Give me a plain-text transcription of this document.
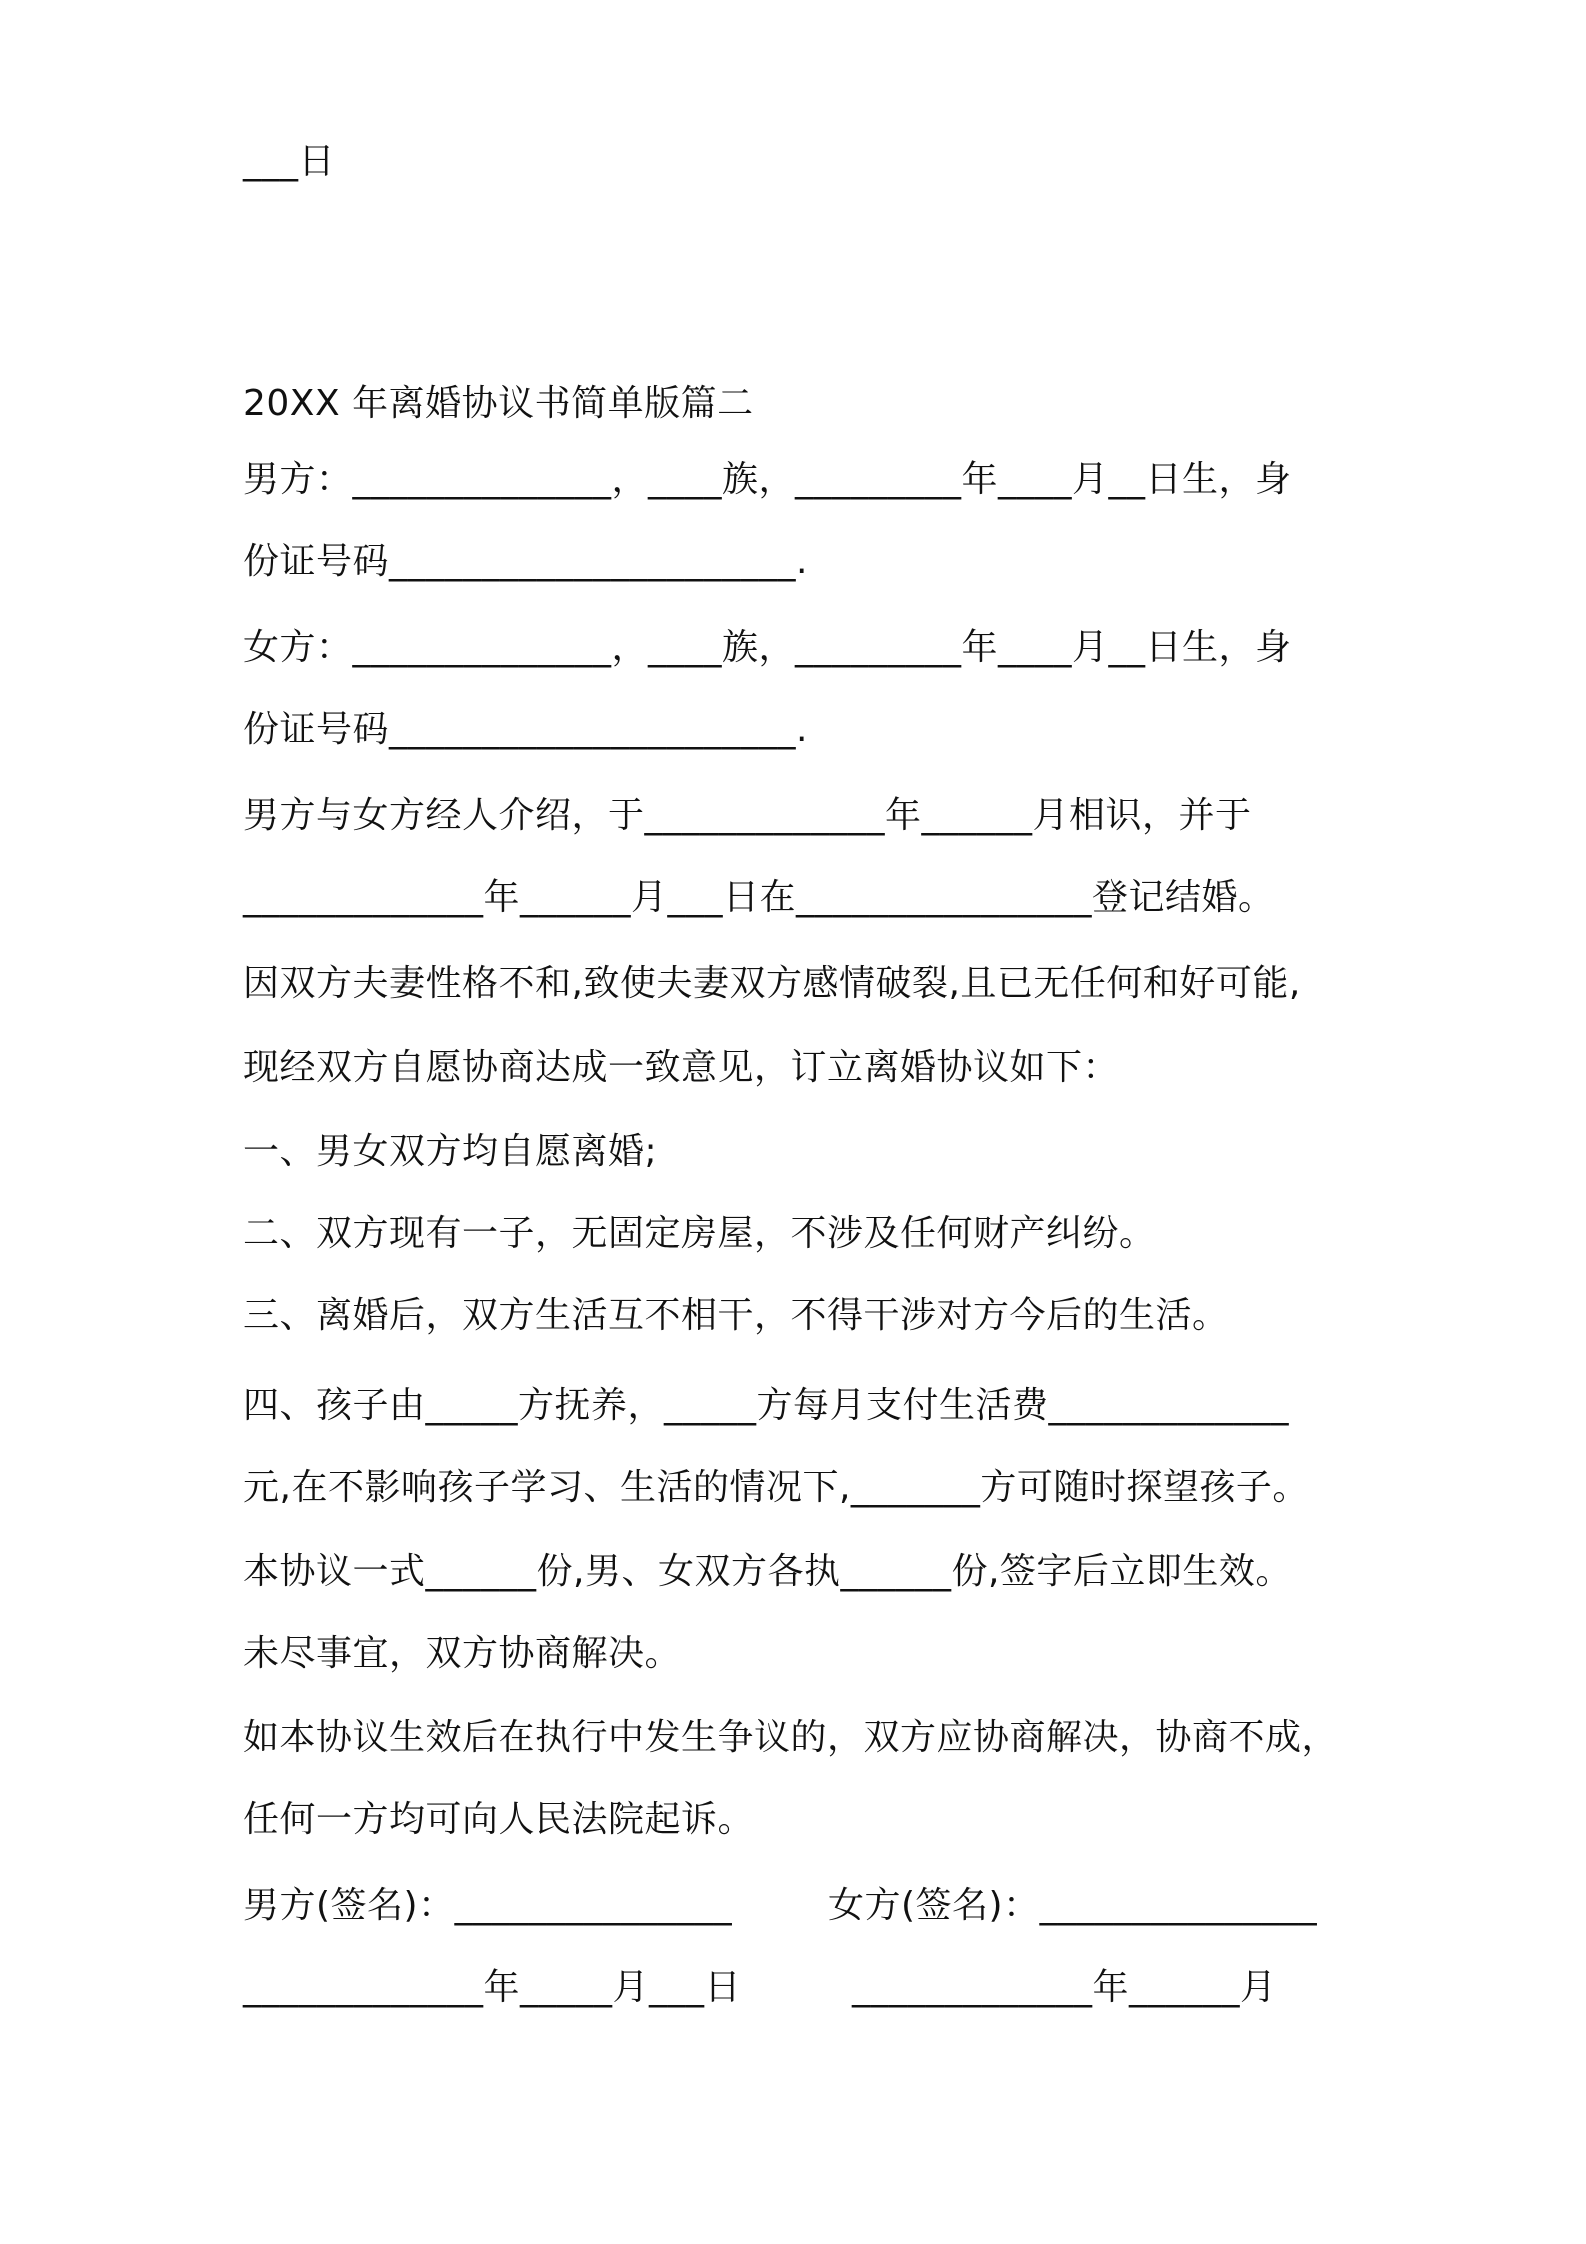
___日
20XX 年离婚协议书简单版篇二
男方：______________，____族，_________年____月__日生，身
份证号码______________________.
女方：______________，____族，_________年____月__日生，身
份证号码______________________.
男方与女方经人介绍，于_____________年______月相识，并于
_____________年______月___日在________________登记结婚。
因双方夫妻性格不和,致使夫妻双方感情破裂,且已无任何和好可能,
现经双方自愿协商达成一致意见，订立离婚协议如下：
一、男女双方均自愿离婚;
二、双方现有一子，无固定房屋，不涉及任何财产纠纷。
三、离婚后，双方生活互不相干，不得干涉对方今后的生活。
四、孩子由_____方抚养，_____方每月支付生活费_____________
元,在不影响孩子学习、生活的情况下,_______方可随时探望孩子。
本协议一式______份,男、女双方各执______份,签字后立即生效。
未尽事宜，双方协商解决。
如本协议生效后在执行中发生争议的，双方应协商解决，协商不成，
任何一方均可向人民法院起诉。
男方(签名)：_______________	女方(签名)：_______________
_____________年_____月___日	_____________年______月
